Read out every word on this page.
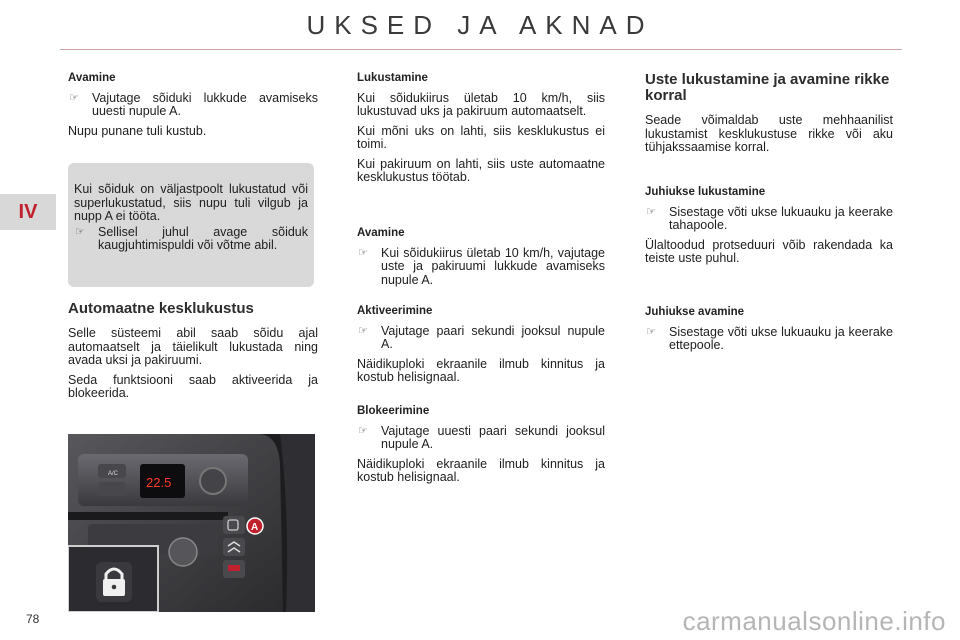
UKSED JA AKNAD
IV
Avamine
☞ Vajutage sõiduki lukkude avamiseks uuesti nupule A.

Nupu punane tuli kustub.

Kui sõiduk on väljastpoolt lukustatud või superlukustatud, siis nupu tuli vilgub ja nupp A ei tööta.

☞ Sellisel juhul avage sõiduk kaugjuhtimispuldi või võtme abil.
Automaatne kesklukustus

Selle süsteemi abil saab sõidu ajal automaatselt ja täielikult lukustada ning avada uksi ja pakiruumi.

Seda funktsiooni saab aktiveerida ja blokeerida.

22.5
A/C
A
Lukustamine

Kui sõidukiirus ületab 10 km/h, siis lukustuvad uks ja pakiruum automaatselt.

Kui mõni uks on lahti, siis kesklukustus ei toimi.

Kui pakiruum on lahti, siis uste automaatne kesklukustus töötab.

Avamine
☞ Kui sõidukiirus ületab 10 km/h, vajutage uste ja pakiruumi lukkude avamiseks nupule A.
Aktiveerimine
☞ Vajutage paari sekundi jooksul nupule A.

Näidikuploki ekraanile ilmub kinnitus ja kostub helisignaal.

Blokeerimine
☞ Vajutage uuesti paari sekundi jooksul nupule A.

Näidikuploki ekraanile ilmub kinnitus ja kostub helisignaal.

Uste lukustamine ja avamine rikke korral

Seade võimaldab uste mehhaanilist lukustamist kesklukustuse rikke või aku tühjakssaamise korral.

Juhiukse lukustamine
☞ Sisestage võti ukse lukuauku ja keerake tahapoole.

Ülaltoodud protseduuri võib rakendada ka teiste uste puhul.

Juhiukse avamine
☞ Sisestage võti ukse lukuauku ja keerake ettepoole.
78	carmanualsonline.info
